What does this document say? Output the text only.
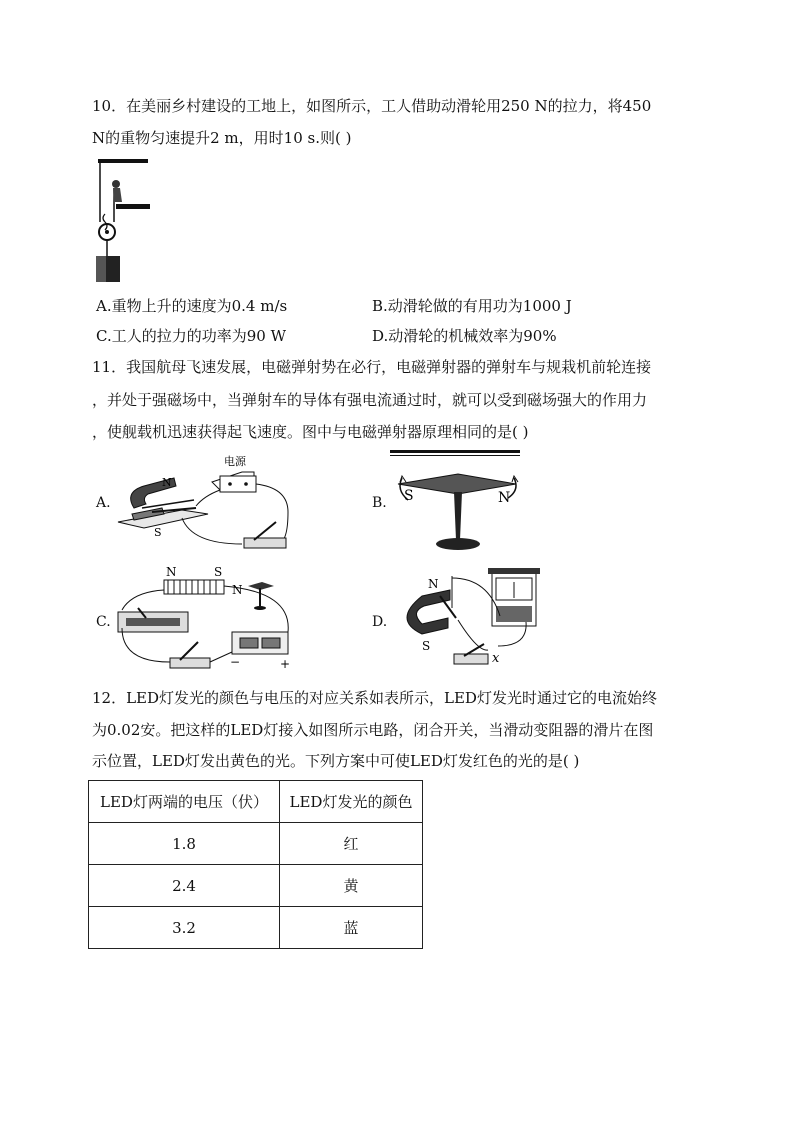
10．在美丽乡村建设的工地上，如图所示，工人借助动滑轮用250 N的拉力，将450
N的重物匀速提升2 m，用时10 s.则( )
A.重物上升的速度为0.4 m/s	B.动滑轮做的有用功为1000 J
C.工人的拉力的功率为90 W	D.动滑轮的机械效率为90%
11．我国航母飞速发展，电磁弹射势在必行，电磁弹射器的弹射车与规栽机前轮连接
，并处于强磁场中，当弹射车的导体有强电流通过时，就可以受到磁场强大的作用力
，使舰载机迅速获得起飞速度。图中与电磁弹射器原理相同的是( )
A.
电源
N
S
B. S	N
C.
N	S
N
−	+
D.
N
S
x
12．LED灯发光的颜色与电压的对应关系如表所示，LED灯发光时通过它的电流始终
为0.02安。把这样的LED灯接入如图所示电路，闭合开关，当滑动变阻器的滑片在图
示位置，LED灯发出黄色的光。下列方案中可使LED灯发红色的光的是( )
LED灯两端的电压（伏）	LED灯发光的颜色
1.8	红
2.4	黄
3.2	蓝
